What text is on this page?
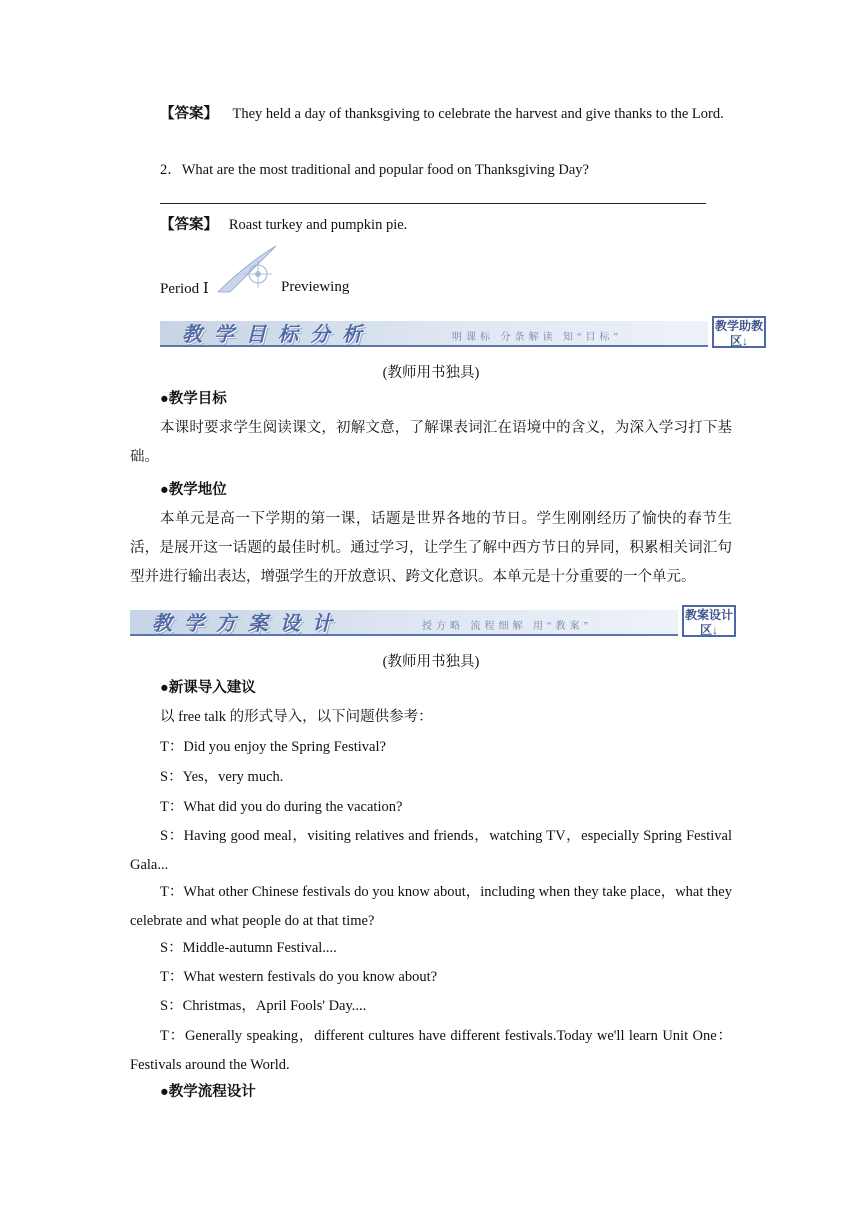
【答案】 They held a day of thanksgiving to celebrate the harvest and give thanks to the Lord.
2．What are the most traditional and popular food on Thanksgiving Day?
【答案】 Roast turkey and pumpkin pie.
Period Ⅰ	Previewing
教学目标分析	明课标 分条解读 知“目标”
教学助教区↓
(教师用书独具)
●教学目标
本课时要求学生阅读课文，初解文意，了解课表词汇在语境中的含义，为深入学习打下基础。
●教学地位
本单元是高一下学期的第一课，话题是世界各地的节日。学生刚刚经历了愉快的春节生活，是展开这一话题的最佳时机。通过学习，让学生了解中西方节日的异同，积累相关词汇句型并进行输出表达，增强学生的开放意识、跨文化意识。本单元是十分重要的一个单元。
教学方案设计	授方略 流程细解 用“教案”
教案设计区↓
(教师用书独具)
●新课导入建议
以 free talk 的形式导入，以下问题供参考：
T：Did you enjoy the Spring Festival?
S：Yes，very much.
T：What did you do during the vacation?
S：Having good meal，visiting relatives and friends，watching TV，especially Spring Festival Gala...
T：What other Chinese festivals do you know about，including when they take place，what they celebrate and what people do at that time?
S：Middle-autumn Festival....
T：What western festivals do you know about?
S：Christmas，April Fools' Day....
T：Generally speaking，different cultures have different festivals.Today we'll learn Unit One：Festivals around the World.
●教学流程设计
